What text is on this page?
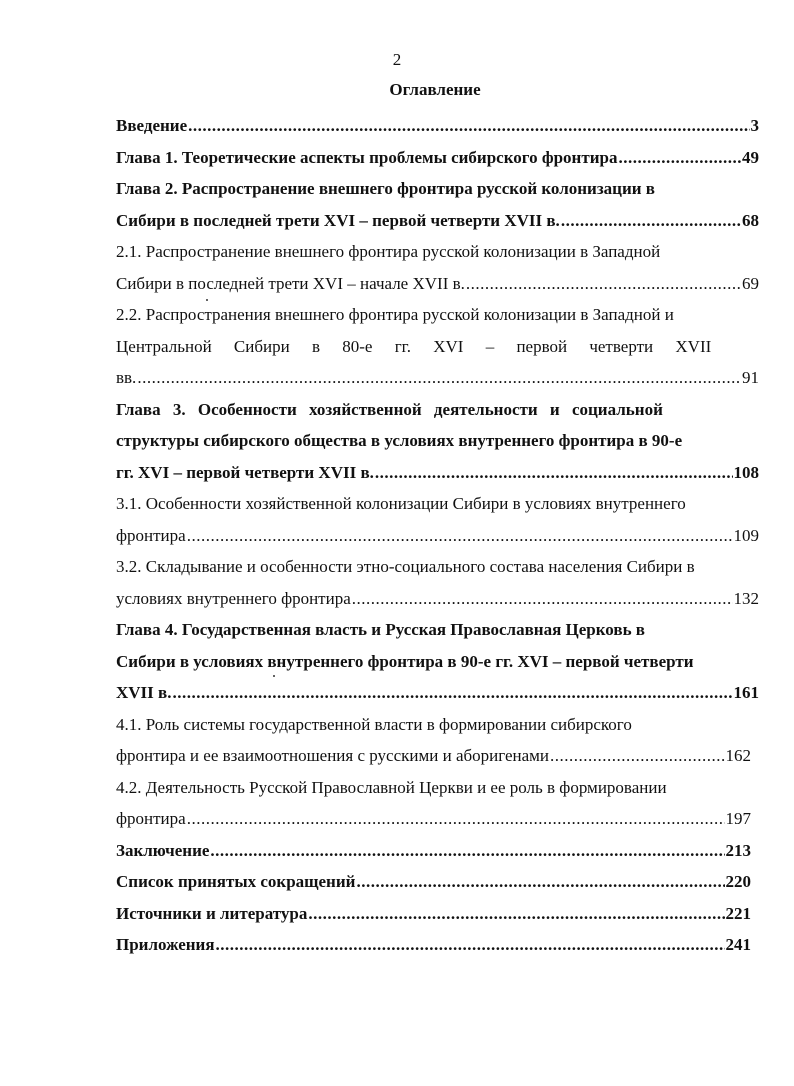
2
Оглавление
Введение .....	3
Глава 1. Теоретические аспекты проблемы сибирского фронтира .....	49
Глава 2. Распространение внешнего фронтира русской колонизации в
Сибири в последней трети XVI – первой четверти XVII в. .....	68
2.1. Распространение внешнего фронтира русской колонизации в Западной
Сибири в последней трети XVI – начале XVII в. .....	69
2.2. Распространения внешнего фронтира русской колонизации в Западной и
Центральной Сибири в 80-е гг. XVI – первой четверти XVII
вв. .....	91
Глава 3. Особенности хозяйственной деятельности и социальной
структуры сибирского общества в условиях внутреннего фронтира в 90-е
гг. XVI – первой четверти XVII в. .....	108
3.1. Особенности хозяйственной колонизации Сибири в условиях внутреннего
фронтира .....	109
3.2. Складывание и особенности этно-социального состава населения Сибири в
условиях внутреннего фронтира .....	132
Глава 4. Государственная власть и Русская Православная Церковь в
Сибири в условиях внутреннего фронтира в 90-е гг. XVI – первой четверти
XVII в. .....	161
4.1. Роль системы государственной власти в формировании сибирского
фронтира и ее взаимоотношения с русскими и аборигенами .....	162
4.2. Деятельность Русской Православной Церкви и ее роль в формировании
фронтира .....	197
Заключение .....	213
Список принятых сокращений .....	220
Источники и литература .....	221
Приложения .....	241
